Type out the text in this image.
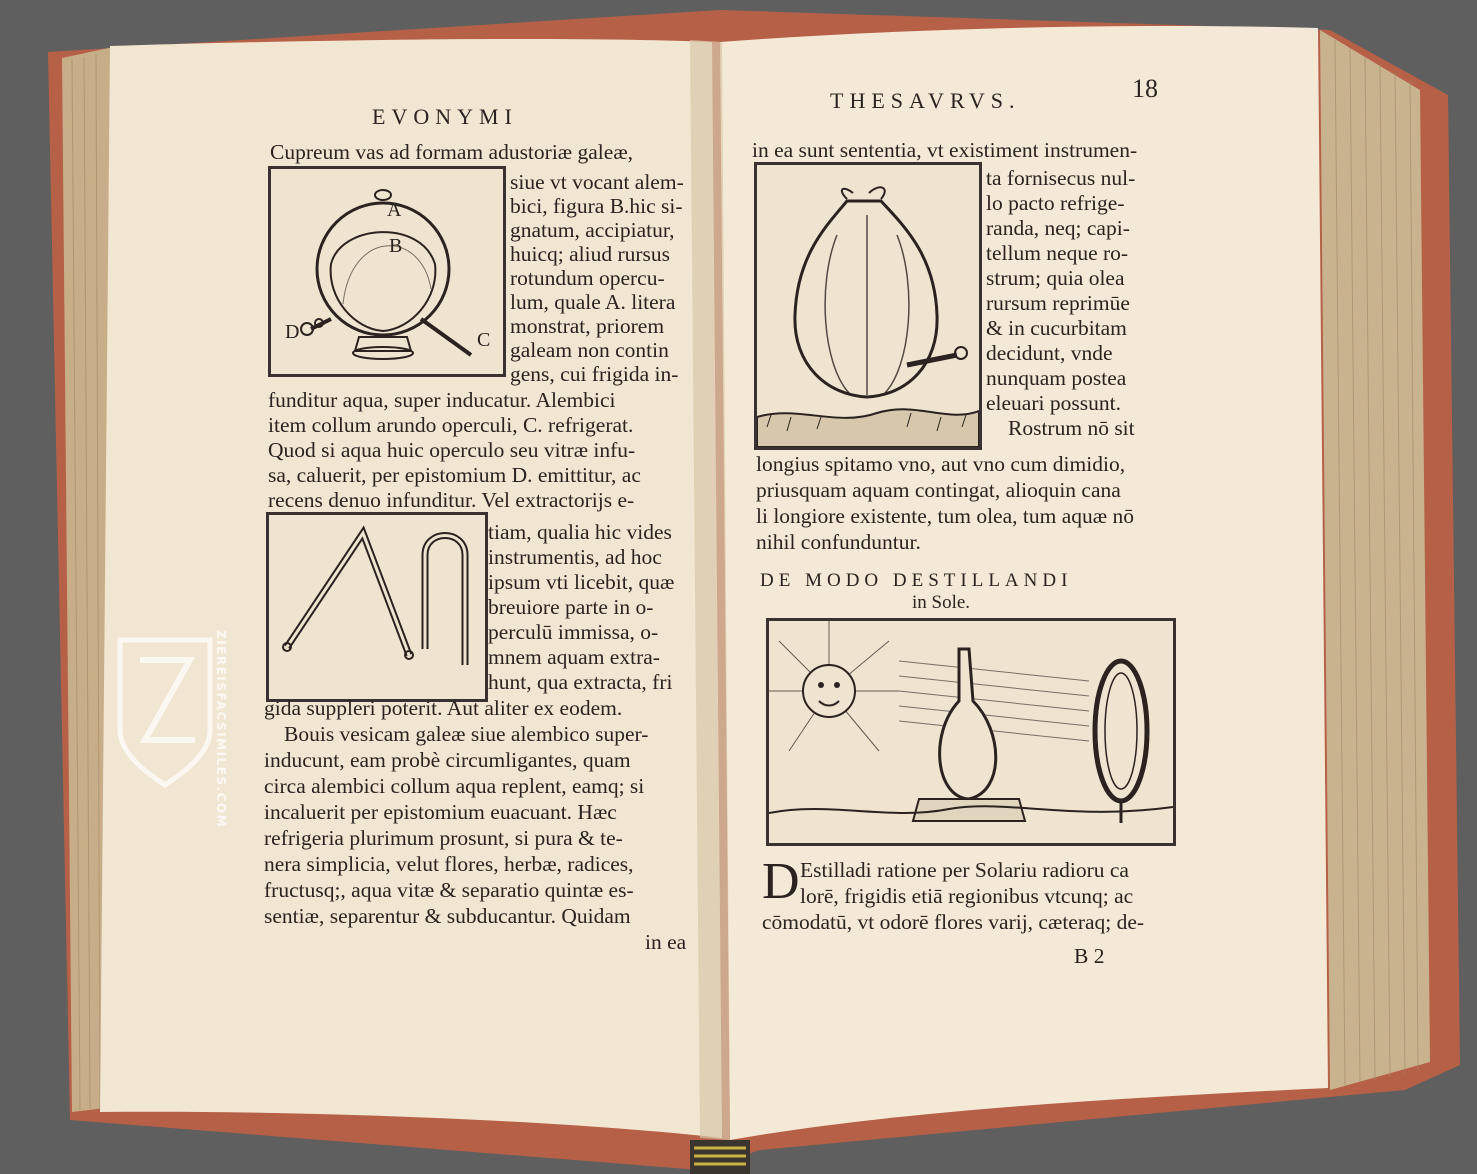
EVONYMI
Cupreum vas ad formam adustoriæ galeæ,
A
B
D	C
siue vt vocant alem-
bici, figura B.hic si-
gnatum, accipiatur,
huicq; aliud rursus
rotundum opercu-
lum, quale A. litera
monstrat, priorem
galeam non contin
gens, cui frigida in-
funditur aqua, super inducatur. Alembici
item collum arundo operculi, C. refrigerat.
Quod si aqua huic operculo seu vitræ infu-
sa, caluerit, per epistomium D. emittitur, ac
recens denuo infunditur. Vel extractorijs e-
tiam, qualia hic vides
instrumentis, ad hoc
ipsum vti licebit, quæ
breuiore parte in o-
perculū immissa, o-
mnem aquam extra-
hunt, qua extracta, fri
gida suppleri poterit. Aut aliter ex eodem.
Bouis vesicam galeæ siue alembico super-
inducunt, eam probè circumligantes, quam
circa alembici collum aqua replent, eamq; si
incaluerit per epistomium euacuant. Hæc
refrigeria plurimum prosunt, si pura & te-
nera simplicia, velut flores, herbæ, radices,
fructusq;, aqua vitæ & separatio quintæ es-
sentiæ, separentur & subducantur. Quidam
in ea
THESAVRVS.	18
in ea sunt sententia, vt existiment instrumen-
ta fornisecus nul-
lo pacto refrige-
randa, neq; capi-
tellum neque ro-
strum; quia olea
rursum reprimūe
& in cucurbitam
decidunt, vnde
nunquam postea
eleuari possunt.
Rostrum nō sit
longius spitamo vno, aut vno cum dimidio,
priusquam aquam contingat, alioquin cana
li longiore existente, tum olea, tum aquæ nō
nihil confunduntur.
DE MODO DESTILLANDI
in Sole.
D Estilladi ratione per Solariu radioru ca
lorē, frigidis etiā regionibus vtcunq; ac
cōmodatū, vt odorē flores varij, cæteraq; de-
B 2
ZIEREISFACSIMILES.COM
